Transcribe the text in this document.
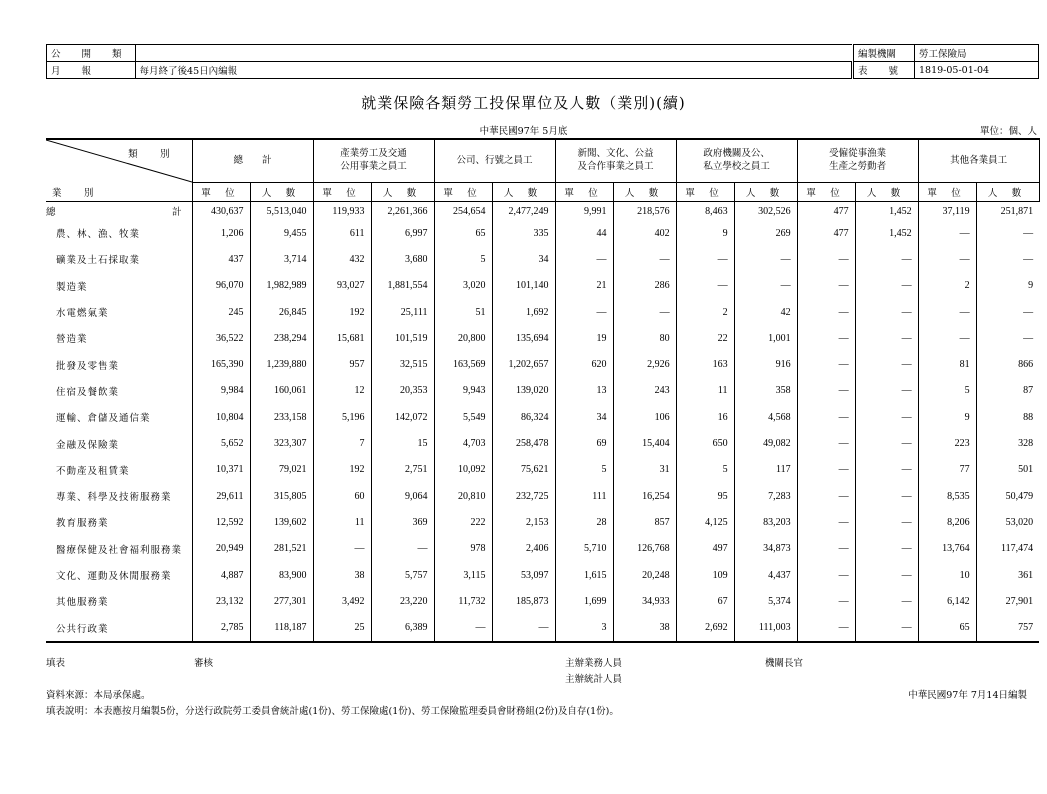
公 開 類	
月 報	每月終了後45日內編報
編製機關	勞工保險局
表 號	1819-05-01-04
就業保險各類勞工投保單位及人數（業別)(續)
中華民國97年 5月底	單位：個、人
類 別
業 別	總　　計		產業勞工及交通
公用事業之員工		公司、行號之員工		新聞、文化、公益
及合作事業之員工		政府機關及公、
私立學校之員工		受僱從事漁業
生產之勞動者		其他各業員工	
	單 位	人 數	單 位	人 數	單 位	人 數	單 位	人 數	單 位	人 數	單 位	人 數	單 位	人 數
總　　　　　　　　　　　計	430,637	5,513,040	119,933	2,261,366	254,654	2,477,249	9,991	218,576	8,463	302,526	477	1,452	37,119	251,871
農、林、漁、牧業	1,206	9,455	611	6,997	65	335	44	402	9	269	477	1,452	—	—
礦業及土石採取業	437	3,714	432	3,680	5	34	—	—	—	—	—	—	—	—
製造業	96,070	1,982,989	93,027	1,881,554	3,020	101,140	21	286	—	—	—	—	2	9
水電燃氣業	245	26,845	192	25,111	51	1,692	—	—	2	42	—	—	—	—
營造業	36,522	238,294	15,681	101,519	20,800	135,694	19	80	22	1,001	—	—	—	—
批發及零售業	165,390	1,239,880	957	32,515	163,569	1,202,657	620	2,926	163	916	—	—	81	866
住宿及餐飲業	9,984	160,061	12	20,353	9,943	139,020	13	243	11	358	—	—	5	87
運輸、倉儲及通信業	10,804	233,158	5,196	142,072	5,549	86,324	34	106	16	4,568	—	—	9	88
金融及保險業	5,652	323,307	7	15	4,703	258,478	69	15,404	650	49,082	—	—	223	328
不動產及租賃業	10,371	79,021	192	2,751	10,092	75,621	5	31	5	117	—	—	77	501
專業、科學及技術服務業	29,611	315,805	60	9,064	20,810	232,725	111	16,254	95	7,283	—	—	8,535	50,479
教育服務業	12,592	139,602	11	369	222	2,153	28	857	4,125	83,203	—	—	8,206	53,020
醫療保健及社會福利服務業	20,949	281,521	—	—	978	2,406	5,710	126,768	497	34,873	—	—	13,764	117,474
文化、運動及休閒服務業	4,887	83,900	38	5,757	3,115	53,097	1,615	20,248	109	4,437	—	—	10	361
其他服務業	23,132	277,301	3,492	23,220	11,732	185,873	1,699	34,933	67	5,374	—	—	6,142	27,901
公共行政業	2,785	118,187	25	6,389	—	—	3	38	2,692	111,003	—	—	65	757
填表	審核	主辦業務人員
主辦統計人員
機關長官
資料來源：本局承保處。	中華民國97年 7月14日編製
填表說明：本表應按月編製5份，分送行政院勞工委員會統計處(1份)、勞工保險處(1份)、勞工保險監理委員會財務組(2份)及自存(1份)。
